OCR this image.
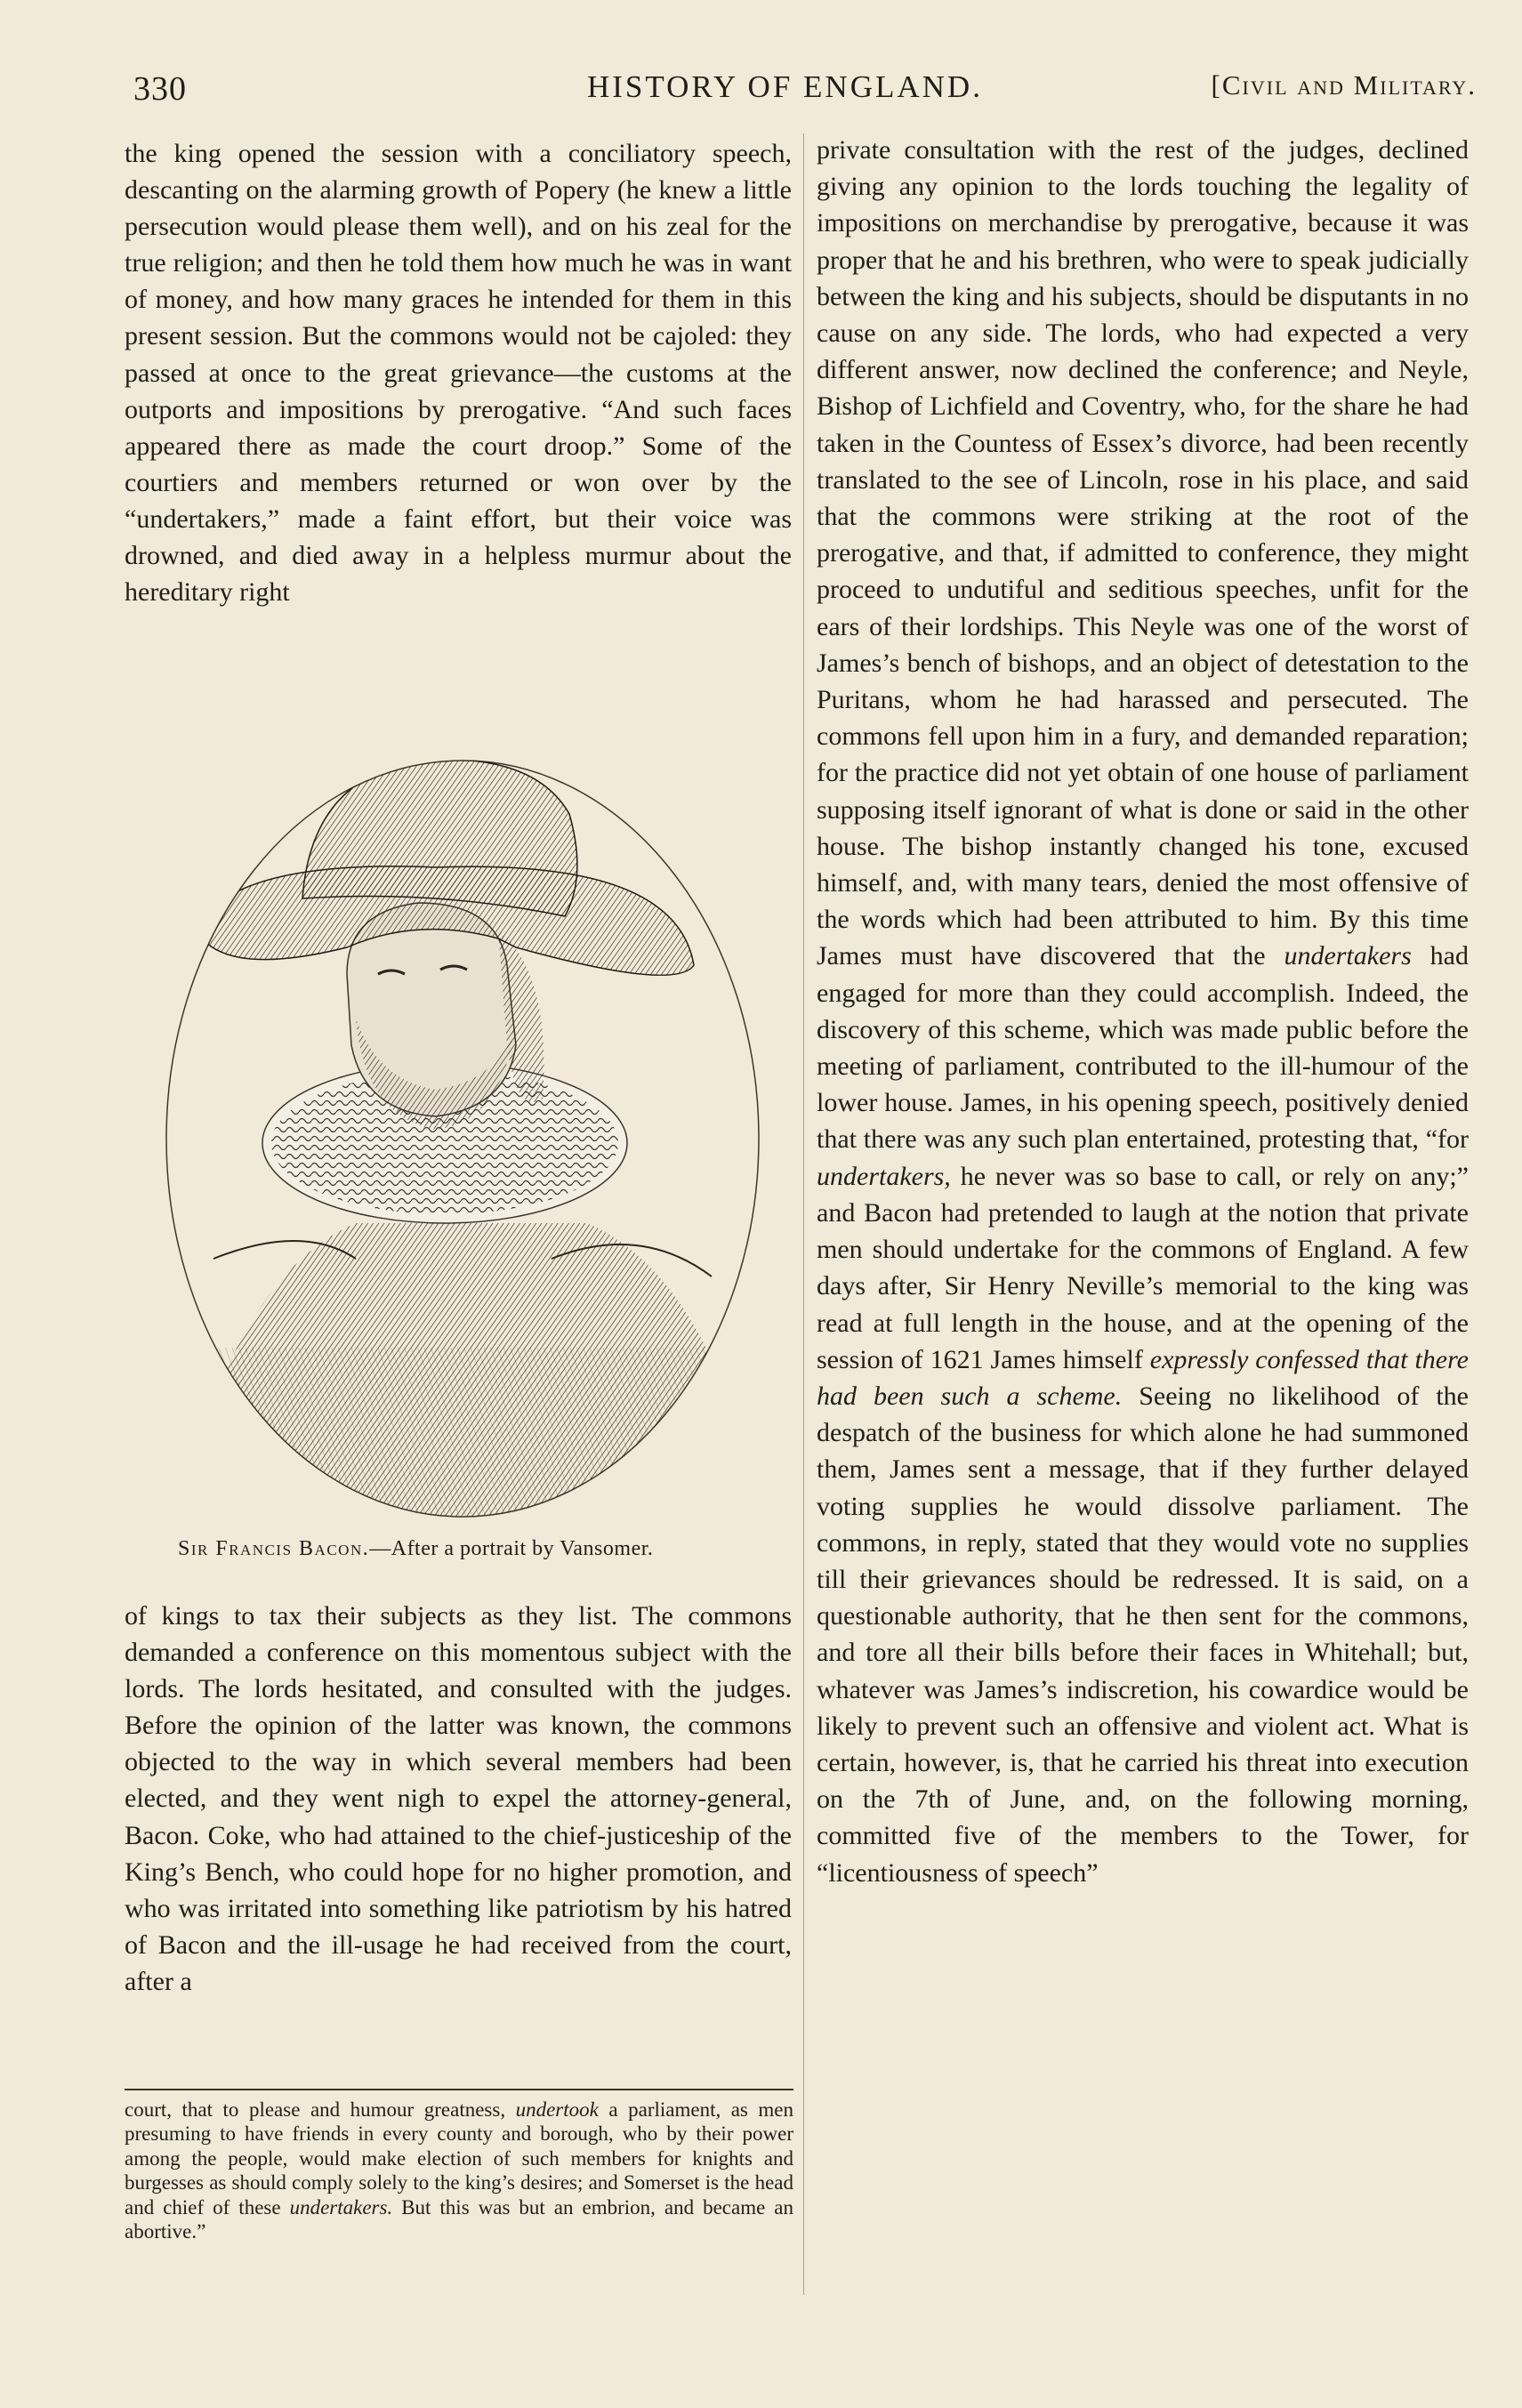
330	HISTORY OF ENGLAND.	[Civil and Military.

the king opened the session with a conciliatory speech, descanting on the alarming growth of Popery (he knew a little persecution would please them well), and on his zeal for the true religion; and then he told them how much he was in want of money, and how many graces he intended for them in this present session. But the commons would not be cajoled: they passed at once to the great grievance—the customs at the outports and impositions by prerogative. “And such faces appeared there as made the court droop.” Some of the courtiers and members returned or won over by the “undertakers,” made a faint effort, but their voice was drowned, and died away in a helpless murmur about the hereditary right

Sir Francis Bacon.—After a portrait by Vansomer.

of kings to tax their subjects as they list. The commons demanded a conference on this momentous subject with the lords. The lords hesitated, and consulted with the judges. Before the opinion of the latter was known, the commons objected to the way in which several members had been elected, and they went nigh to expel the attorney-general, Bacon. Coke, who had attained to the chief-justiceship of the King’s Bench, who could hope for no higher promotion, and who was irritated into something like patriotism by his hatred of Bacon and the ill-usage he had received from the court, after a

court, that to please and humour greatness, undertook a parliament, as men presuming to have friends in every county and borough, who by their power among the people, would make election of such members for knights and burgesses as should comply solely to the king’s desires; and Somerset is the head and chief of these undertakers. But this was but an embrion, and became an abortive.”

private consultation with the rest of the judges, declined giving any opinion to the lords touching the legality of impositions on merchandise by prerogative, because it was proper that he and his brethren, who were to speak judicially between the king and his subjects, should be disputants in no cause on any side. The lords, who had expected a very different answer, now declined the conference; and Neyle, Bishop of Lichfield and Coventry, who, for the share he had taken in the Countess of Essex’s divorce, had been recently translated to the see of Lincoln, rose in his place, and said that the commons were striking at the root of the prerogative, and that, if admitted to conference, they might proceed to undutiful and seditious speeches, unfit for the ears of their lordships. This Neyle was one of the worst of James’s bench of bishops, and an object of detestation to the Puritans, whom he had harassed and persecuted. The commons fell upon him in a fury, and demanded reparation; for the practice did not yet obtain of one house of parliament supposing itself ignorant of what is done or said in the other house. The bishop instantly changed his tone, excused himself, and, with many tears, denied the most offensive of the words which had been attributed to him. By this time James must have discovered that the undertakers had engaged for more than they could accomplish. Indeed, the discovery of this scheme, which was made public before the meeting of parliament, contributed to the ill-humour of the lower house. James, in his opening speech, positively denied that there was any such plan entertained, protesting that, “for undertakers, he never was so base to call, or rely on any;” and Bacon had pretended to laugh at the notion that private men should undertake for the commons of England. A few days after, Sir Henry Neville’s memorial to the king was read at full length in the house, and at the opening of the session of 1621 James himself expressly confessed that there had been such a scheme. Seeing no likelihood of the despatch of the business for which alone he had summoned them, James sent a message, that if they further delayed voting supplies he would dissolve parliament. The commons, in reply, stated that they would vote no supplies till their grievances should be redressed. It is said, on a questionable authority, that he then sent for the commons, and tore all their bills before their faces in Whitehall; but, whatever was James’s indiscretion, his cowardice would be likely to prevent such an offensive and violent act. What is certain, however, is, that he carried his threat into execution on the 7th of June, and, on the following morning, committed five of the members to the Tower, for “licentiousness of speech”
